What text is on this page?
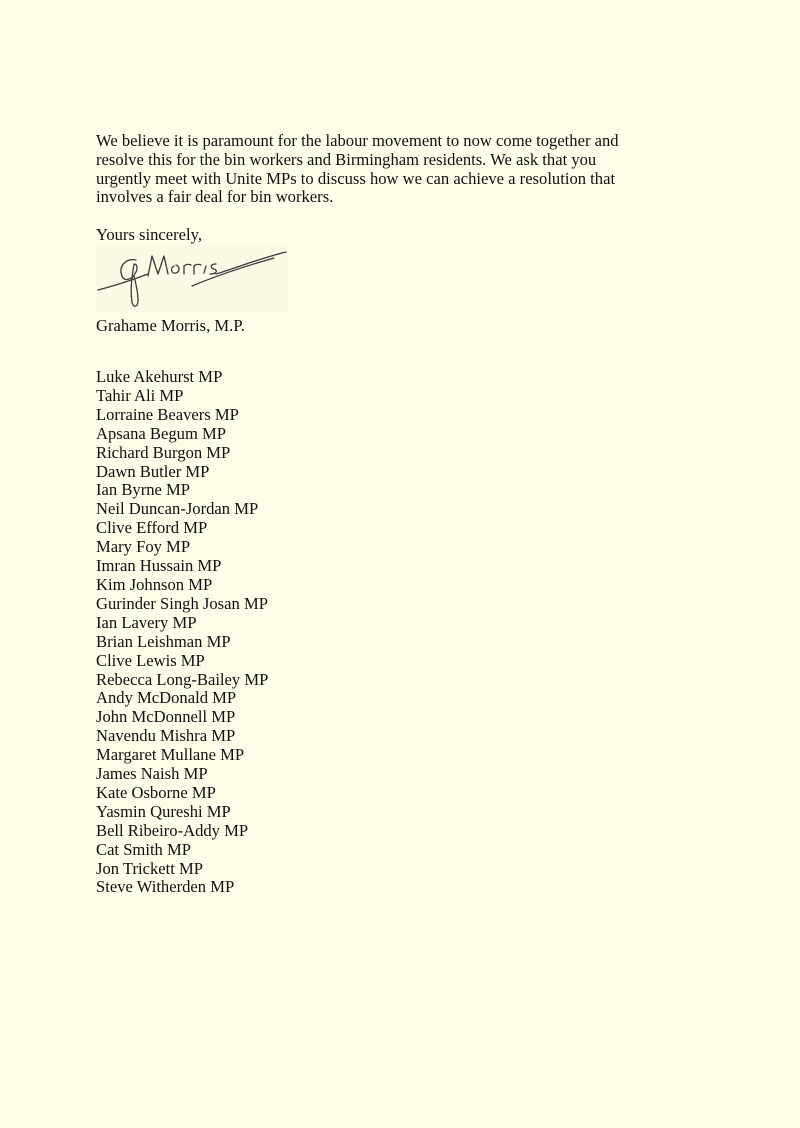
We believe it is paramount for the labour movement to now come together and

resolve this for the bin workers and Birmingham residents. We ask that you

urgently meet with Unite MPs to discuss how we can achieve a resolution that

involves a fair deal for bin workers.

Yours sincerely,
Grahame Morris, M.P.
Luke Akehurst MP
Tahir Ali MP
Lorraine Beavers MP
Apsana Begum MP
Richard Burgon MP
Dawn Butler MP
Ian Byrne MP
Neil Duncan-Jordan MP
Clive Efford MP
Mary Foy MP
Imran Hussain MP
Kim Johnson MP
Gurinder Singh Josan MP
Ian Lavery MP
Brian Leishman MP
Clive Lewis MP
Rebecca Long-Bailey MP
Andy McDonald MP
John McDonnell MP
Navendu Mishra MP
Margaret Mullane MP
James Naish MP
Kate Osborne MP
Yasmin Qureshi MP
Bell Ribeiro-Addy MP
Cat Smith MP
Jon Trickett MP
Steve Witherden MP
